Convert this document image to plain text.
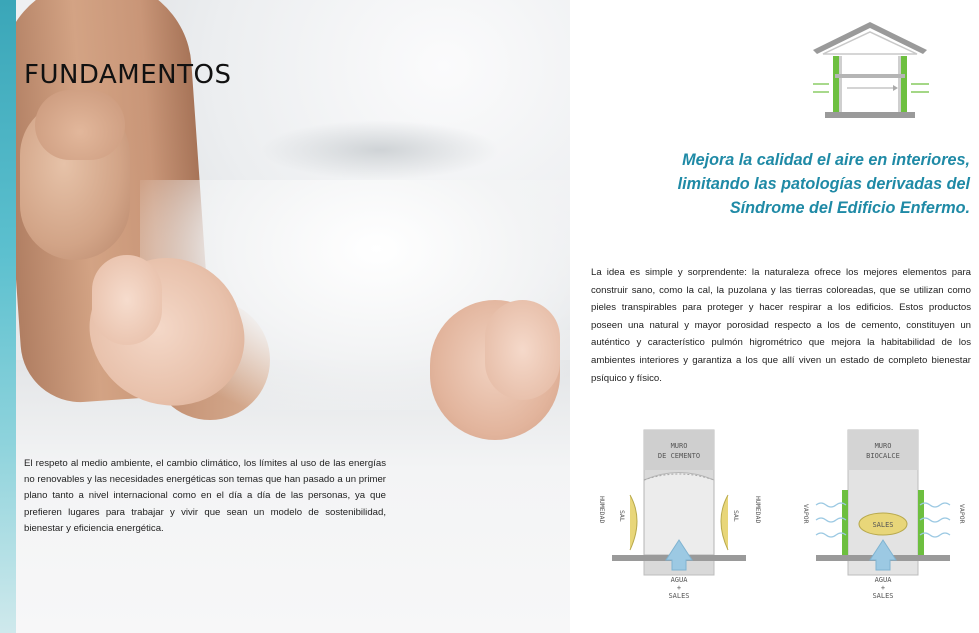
FUNDAMENTOS

El respeto al medio ambiente, el cambio climático, los límites al uso de las energías no renovables y las necesidades energéticas son temas que han pasado a un primer plano tanto a nivel internacional como en el día a día de las personas, ya que prefieren lugares para trabajar y vivir que sean un modelo de sostenibilidad, bienestar y eficiencia energética.

Mejora la calidad el aire en interiores,
limitando las patologías derivadas del
Síndrome del Edificio Enfermo.

La idea es simple y sorprendente: la naturaleza ofrece los mejores elementos para construir sano, como la cal, la puzolana y las tierras coloreadas, que se utilizan como pieles transpirables para proteger y hacer respirar a los edificios. Estos productos poseen una natural y mayor porosidad respecto a los de cemento, constituyen un auténtico y característico pulmón higrométrico que mejora la habitabilidad de los ambientes interiores y garantiza a los que allí viven un estado de completo bienestar psíquico y físico.

MURO
DE CEMENTO
HUMEDAD	HUMEDAD
SAL	SAL
AGUA
+
SALES
MURO
BIOCALCE
SALES
VAPOR	VAPOR
AGUA
+
SALES
